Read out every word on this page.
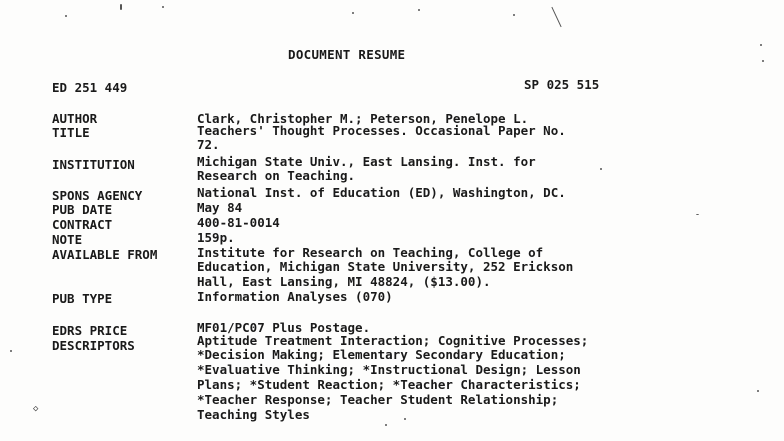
◇
DOCUMENT RESUME
ED 251 449	SP 025 515
AUTHOR	Clark, Christopher M.; Peterson, Penelope L.
TITLE	Teachers' Thought Processes. Occasional Paper No.
72.
INSTITUTION	Michigan State Univ., East Lansing. Inst. for
Research on Teaching.
SPONS AGENCY	National Inst. of Education (ED), Washington, DC.
PUB DATE	May 84
CONTRACT	400-81-0014
NOTE	159p.
AVAILABLE FROM	Institute for Research on Teaching, College of
Education, Michigan State University, 252 Erickson
Hall, East Lansing, MI 48824, ($13.00).
PUB TYPE	Information Analyses (070)
EDRS PRICE	MF01/PC07 Plus Postage.
DESCRIPTORS	Aptitude Treatment Interaction; Cognitive Processes;
*Decision Making; Elementary Secondary Education;
*Evaluative Thinking; *Instructional Design; Lesson
Plans; *Student Reaction; *Teacher Characteristics;
*Teacher Response; Teacher Student Relationship;
Teaching Styles
